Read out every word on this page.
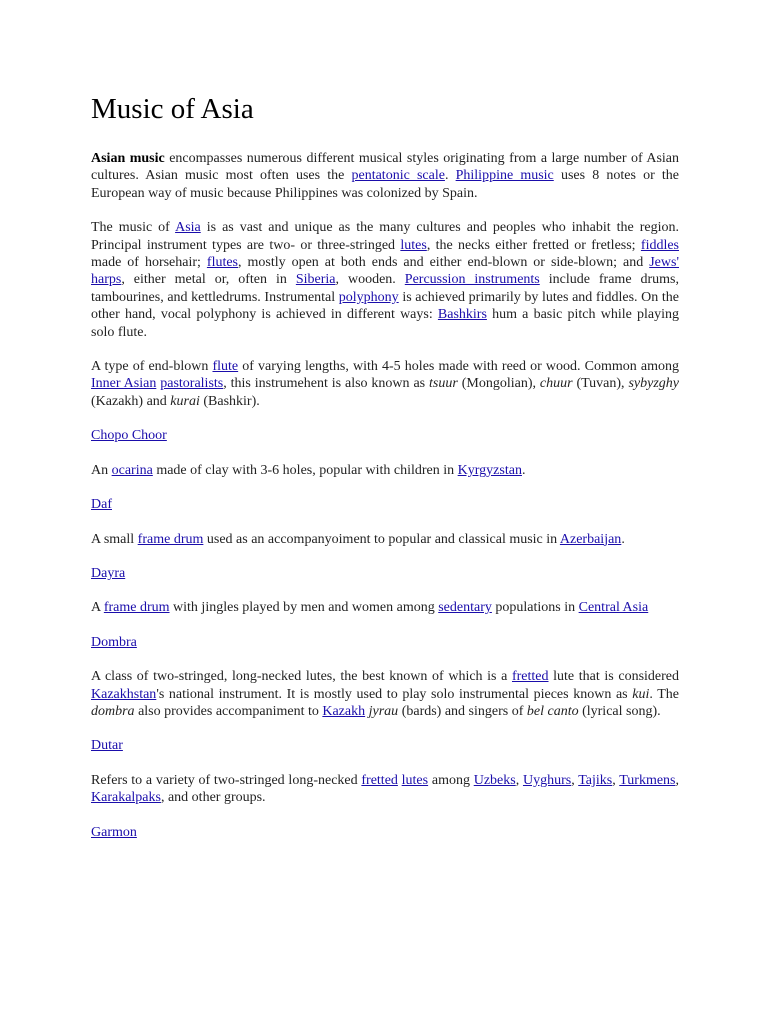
Music of Asia

Asian music encompasses numerous different musical styles originating from a large number of Asian cultures. Asian music most often uses the pentatonic scale. Philippine music uses 8 notes or the European way of music because Philippines was colonized by Spain.

The music of Asia is as vast and unique as the many cultures and peoples who inhabit the region. Principal instrument types are two- or three-stringed lutes, the necks either fretted or fretless; fiddles made of horsehair; flutes, mostly open at both ends and either end-blown or side-blown; and Jews' harps, either metal or, often in Siberia, wooden. Percussion instruments include frame drums, tambourines, and kettledrums. Instrumental polyphony is achieved primarily by lutes and fiddles. On the other hand, vocal polyphony is achieved in different ways: Bashkirs hum a basic pitch while playing solo flute.

A type of end-blown flute of varying lengths, with 4-5 holes made with reed or wood. Common among Inner Asian pastoralists, this instrumehent is also known as tsuur (Mongolian), chuur (Tuvan), sybyzghy (Kazakh) and kurai (Bashkir).

Chopo Choor

An ocarina made of clay with 3-6 holes, popular with children in Kyrgyzstan.

Daf

A small frame drum used as an accompanyoiment to popular and classical music in Azerbaijan.

Dayra

A frame drum with jingles played by men and women among sedentary populations in Central Asia

Dombra

A class of two-stringed, long-necked lutes, the best known of which is a fretted lute that is considered Kazakhstan's national instrument. It is mostly used to play solo instrumental pieces known as kui. The dombra also provides accompaniment to Kazakh jyrau (bards) and singers of bel canto (lyrical song).

Dutar

Refers to a variety of two-stringed long-necked fretted lutes among Uzbeks, Uyghurs, Tajiks, Turkmens, Karakalpaks, and other groups.

Garmon
